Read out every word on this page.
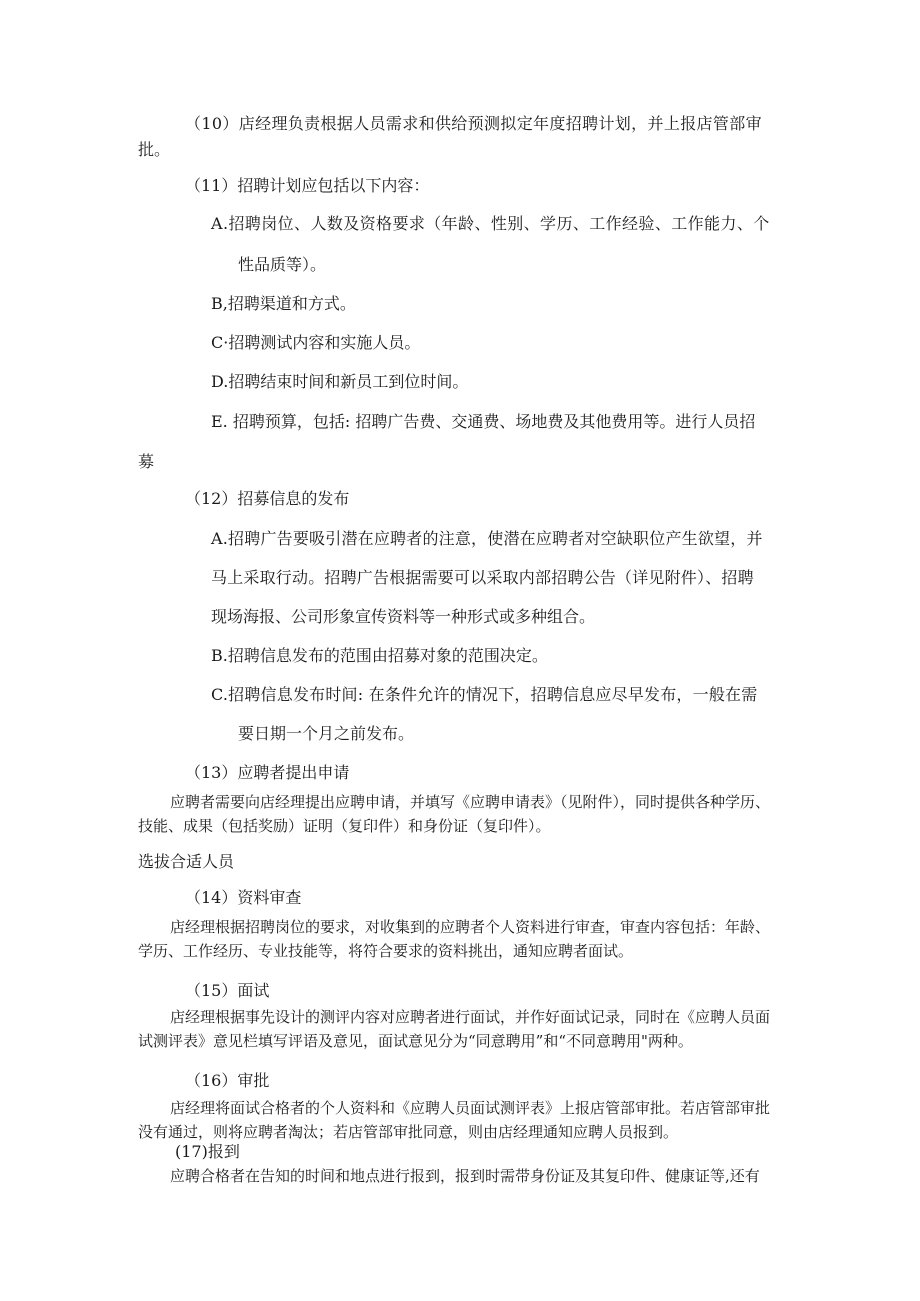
（10）店经理负责根据人员需求和供给预测拟定年度招聘计划，并上报店管部审
批。
（11）招聘计划应包括以下内容：
A.招聘岗位、人数及资格要求（年龄、性别、学历、工作经验、工作能力、个
性品质等）。
B,招聘渠道和方式。
C·招聘测试内容和实施人员。
D.招聘结束时间和新员工到位时间。
E. 招聘预算，包括: 招聘广告费、交通费、场地费及其他费用等。进行人员招
募
（12）招募信息的发布
A.招聘广告要吸引潜在应聘者的注意，使潜在应聘者对空缺职位产生欲望，并
马上采取行动。招聘广告根据需要可以采取内部招聘公告（详见附件）、招聘
现场海报、公司形象宣传资料等一种形式或多种组合。
B.招聘信息发布的范围由招募对象的范围决定。
C.招聘信息发布时间: 在条件允许的情况下，招聘信息应尽早发布，一般在需
要日期一个月之前发布。
（13）应聘者提出申请
应聘者需要向店经理提出应聘申请，并填写《应聘申请表》（见附件），同时提供各种学历、
技能、成果（包括奖励）证明（复印件）和身份证（复印件）。
选拔合适人员
（14）资料审查
店经理根据招聘岗位的要求，对收集到的应聘者个人资料进行审查，审查内容包括：年龄、
学历、工作经历、专业技能等，将符合要求的资料挑出，通知应聘者面试。
（15）面试
店经理根据事先设计的测评内容对应聘者进行面试，并作好面试记录，同时在《应聘人员面
试测评表》意见栏填写评语及意见，面试意见分为“同意聘用”和“不同意聘用"两种。
（16）审批
店经理将面试合格者的个人资料和《应聘人员面试测评表》上报店管部审批。若店管部审批
没有通过，则将应聘者淘汰；若店管部审批同意，则由店经理通知应聘人员报到。
(17)报到
应聘合格者在告知的时间和地点进行报到，报到时需带身份证及其复印件、健康证等,还有
